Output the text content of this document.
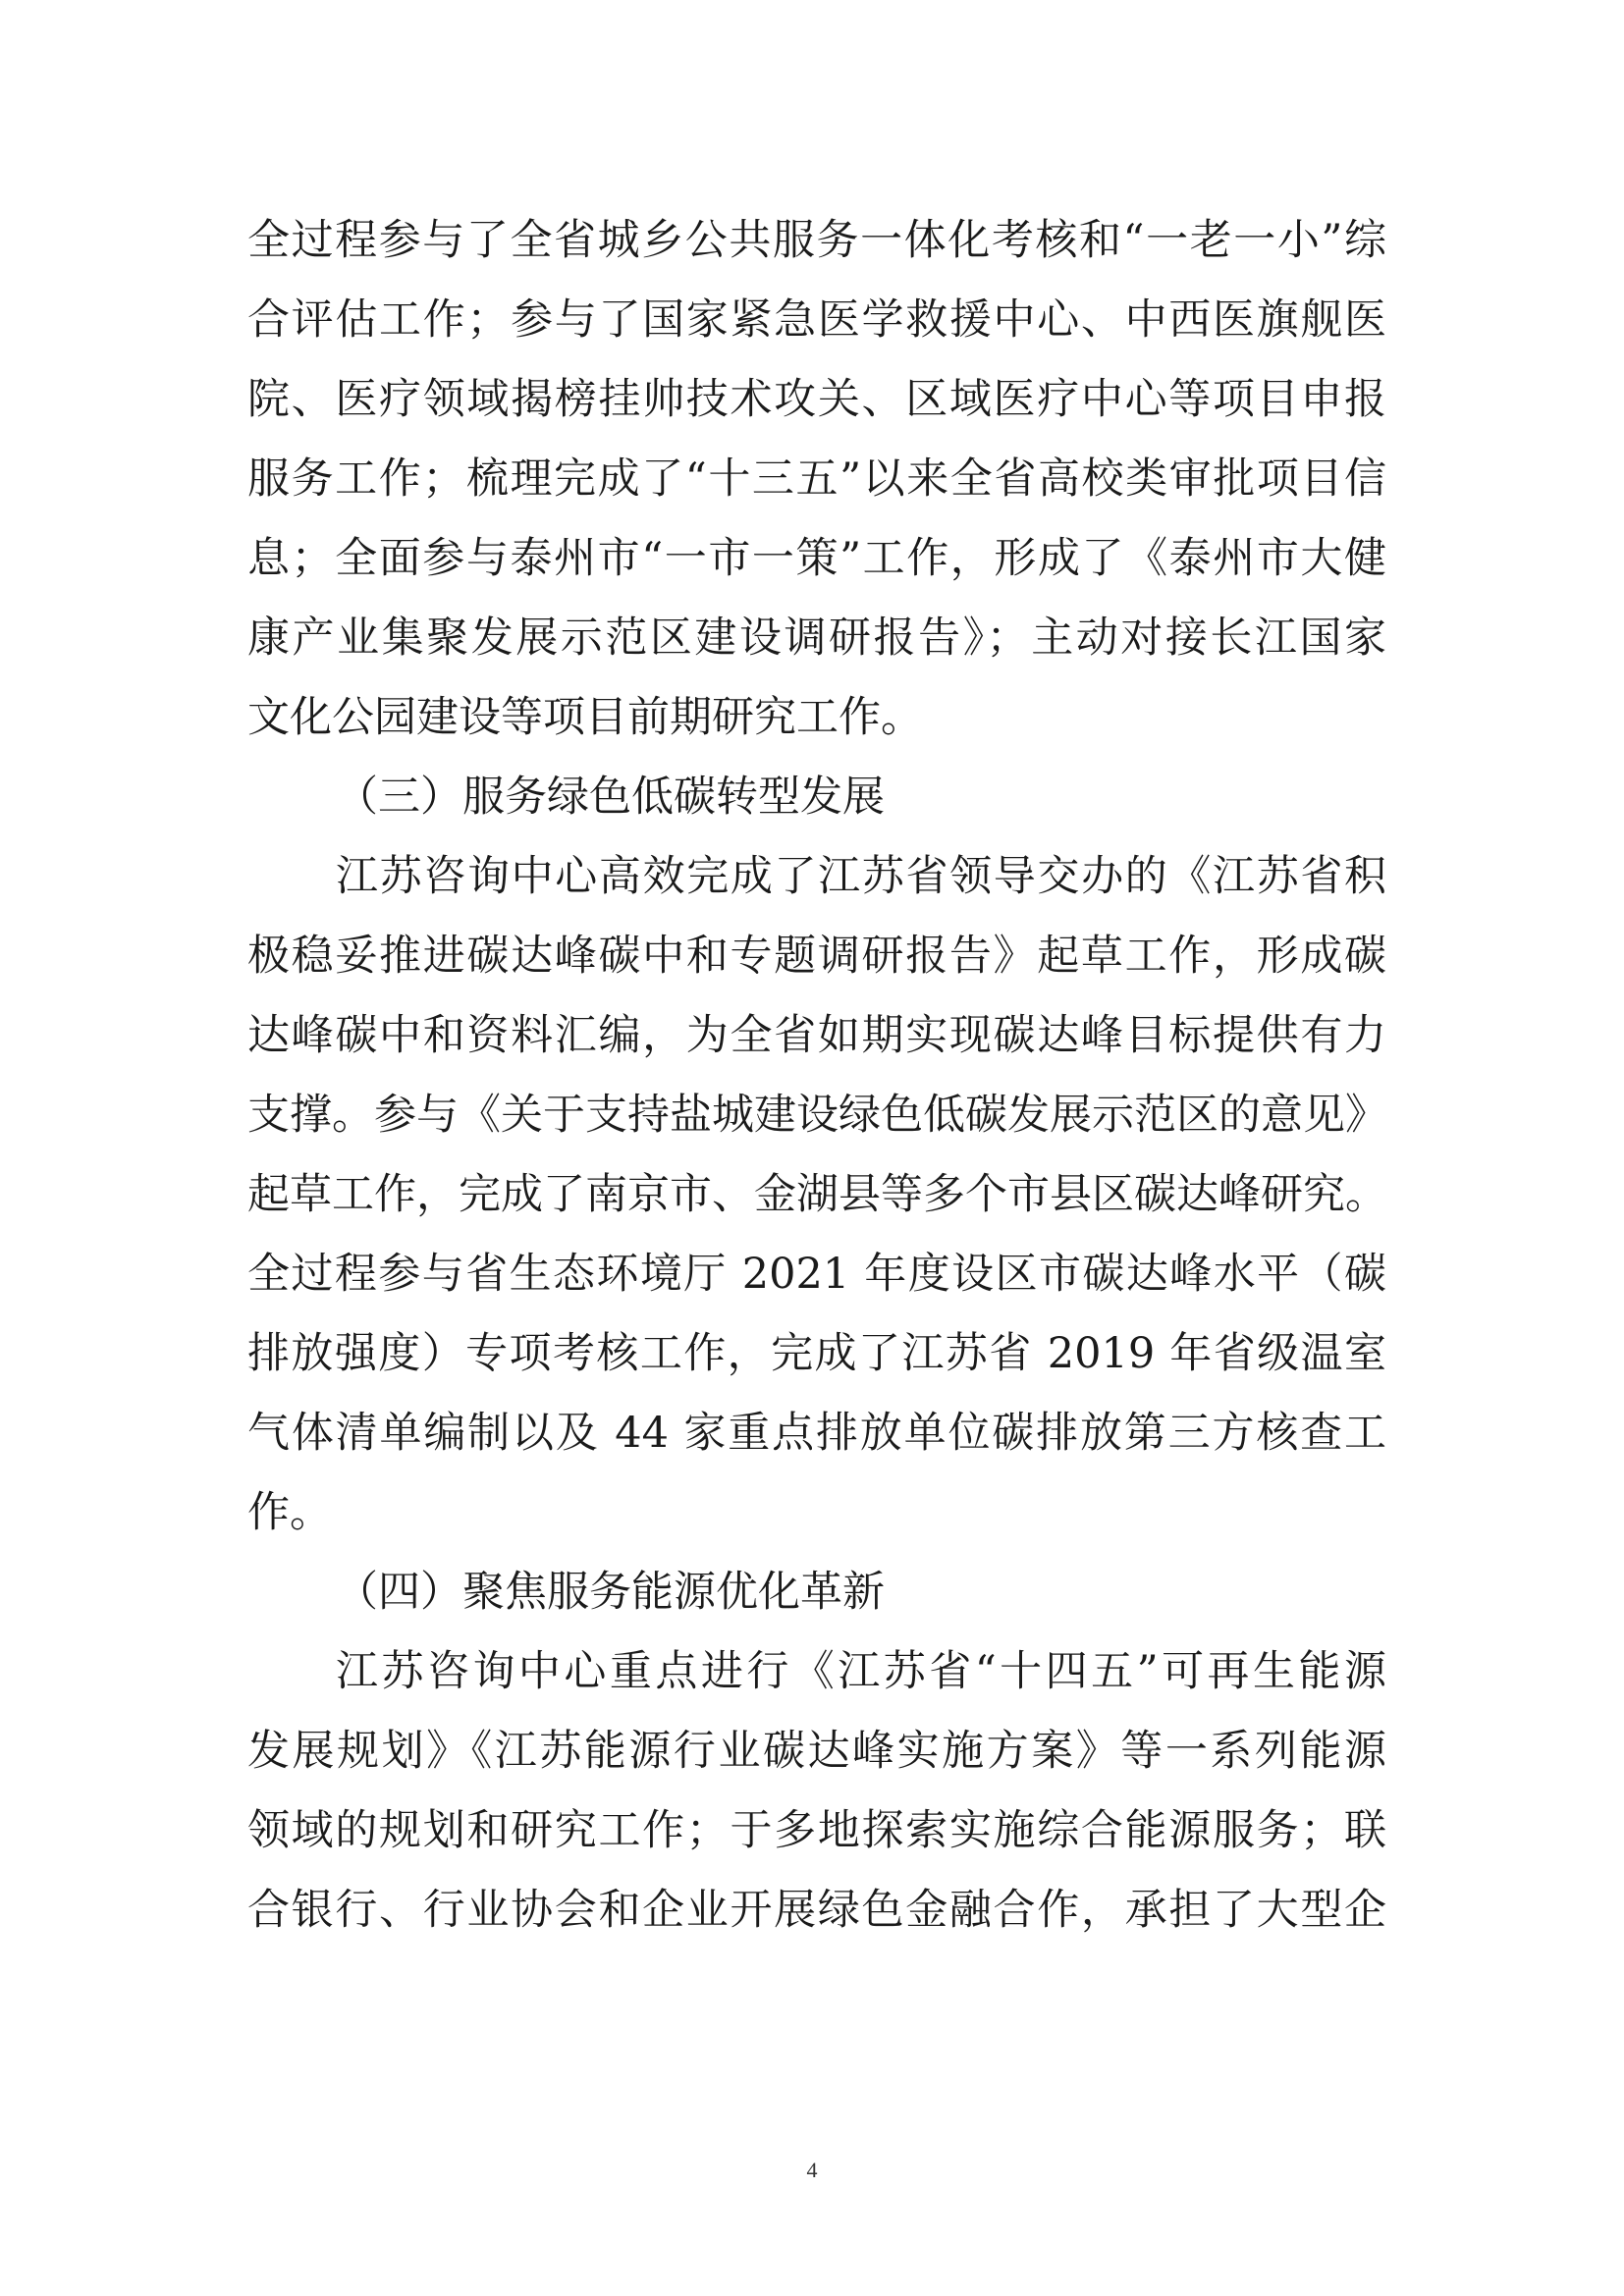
全过程参与了全省城乡公共服务一体化考核和“一老一小”综
合评估工作；参与了国家紧急医学救援中心、中西医旗舰医
院、医疗领域揭榜挂帅技术攻关、区域医疗中心等项目申报
服务工作；梳理完成了“十三五”以来全省高校类审批项目信
息；全面参与泰州市“一市一策”工作，形成了《泰州市大健
康产业集聚发展示范区建设调研报告》；主动对接长江国家
文化公园建设等项目前期研究工作。
（三）服务绿色低碳转型发展
江苏咨询中心高效完成了江苏省领导交办的《江苏省积
极稳妥推进碳达峰碳中和专题调研报告》起草工作，形成碳
达峰碳中和资料汇编，为全省如期实现碳达峰目标提供有力
支撑。参与《关于支持盐城建设绿色低碳发展示范区的意见》
起草工作，完成了南京市、金湖县等多个市县区碳达峰研究。
全过程参与省生态环境厅 2021 年度设区市碳达峰水平（碳
排放强度）专项考核工作，完成了江苏省 2019 年省级温室
气体清单编制以及 44 家重点排放单位碳排放第三方核查工
作。
（四）聚焦服务能源优化革新
江苏咨询中心重点进行《江苏省“十四五”可再生能源
发展规划》《江苏能源行业碳达峰实施方案》等一系列能源
领域的规划和研究工作；于多地探索实施综合能源服务；联
合银行、行业协会和企业开展绿色金融合作，承担了大型企
4
